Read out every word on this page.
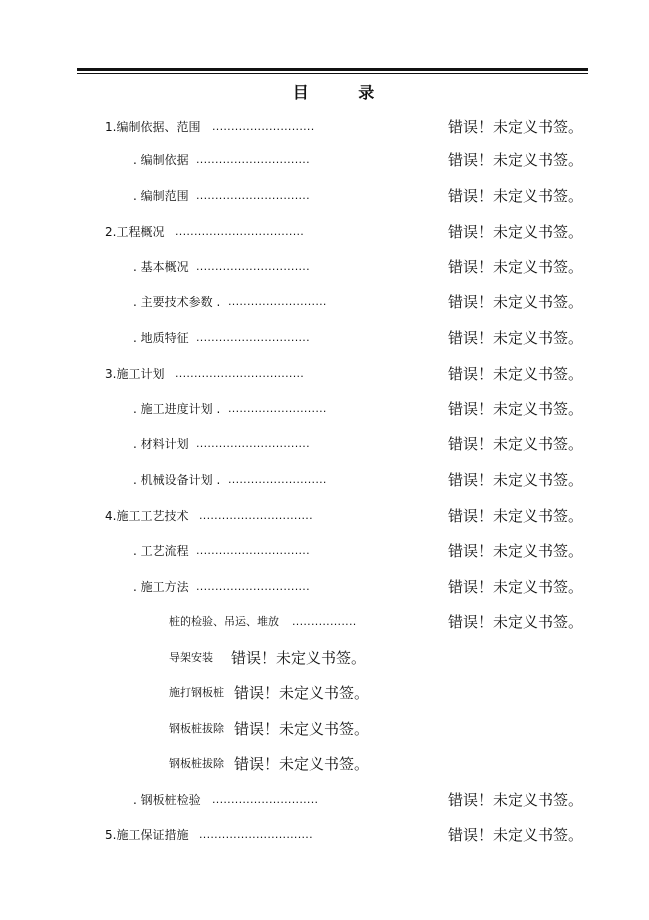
目 录
1.编制依据、范围 ...........................	错误！未定义书签。
. 编制依据 ..............................	错误！未定义书签。
. 编制范围 ..............................	错误！未定义书签。
2.工程概况 ..................................	错误！未定义书签。
. 基本概况 ..............................	错误！未定义书签。
. 主要技术参数 . ..........................	错误！未定义书签。
. 地质特征 ..............................	错误！未定义书签。
3.施工计划 ..................................	错误！未定义书签。
. 施工进度计划 . ..........................	错误！未定义书签。
. 材料计划 ..............................	错误！未定义书签。
. 机械设备计划 . ..........................	错误！未定义书签。
4.施工工艺技术 ..............................	错误！未定义书签。
. 工艺流程 ..............................	错误！未定义书签。
. 施工方法 ..............................	错误！未定义书签。
桩的检验、吊运、堆放 .................	错误！未定义书签。
导架安装 错误！未定义书签。
施打钢板桩 错误！未定义书签。
钢板桩拔除 错误！未定义书签。
钢板桩拔除 错误！未定义书签。
. 钢板桩检验 ............................	错误！未定义书签。
5.施工保证措施 ..............................	错误！未定义书签。
